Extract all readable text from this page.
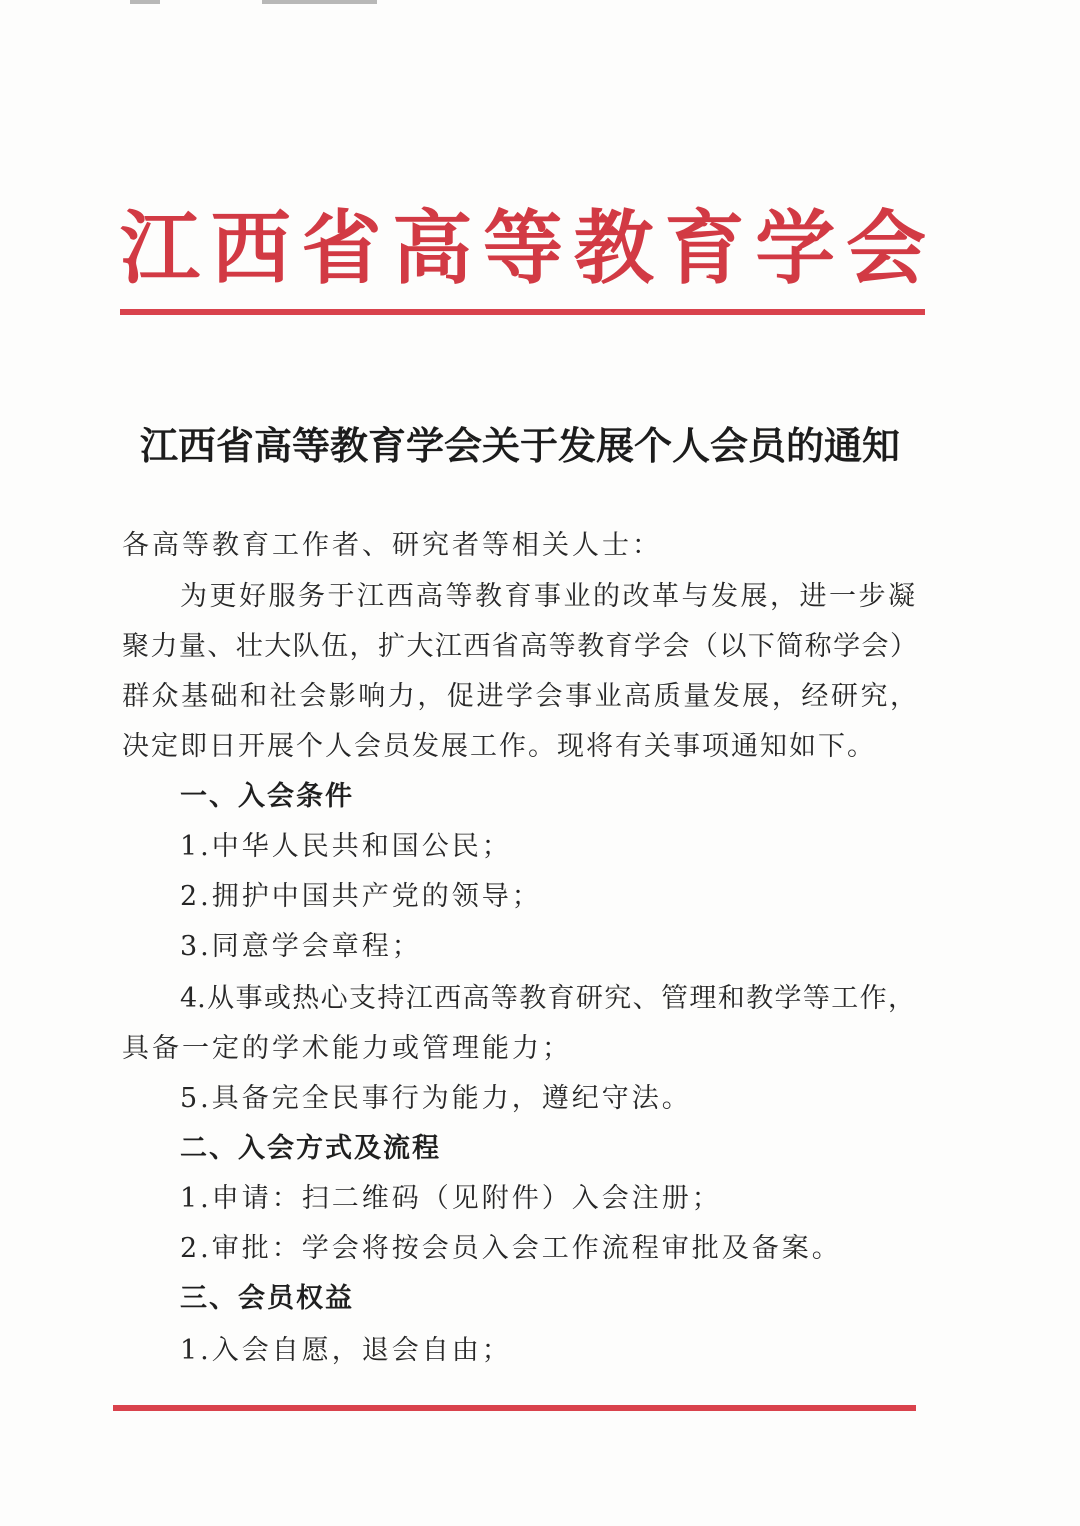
江西省高等教育学会
江西省高等教育学会关于发展个人会员的通知

各高等教育工作者、研究者等相关人士：

为更好服务于江西高等教育事业的改革与发展，进一步凝

聚力量、壮大队伍，扩大江西省高等教育学会（以下简称学会）

群众基础和社会影响力，促进学会事业高质量发展，经研究，

决定即日开展个人会员发展工作。现将有关事项通知如下。

一、入会条件

1.中华人民共和国公民；

2.拥护中国共产党的领导；

3.同意学会章程；

4.从事或热心支持江西高等教育研究、管理和教学等工作，

具备一定的学术能力或管理能力；

5.具备完全民事行为能力，遵纪守法。

二、入会方式及流程

1.申请：扫二维码（见附件）入会注册；

2.审批：学会将按会员入会工作流程审批及备案。

三、会员权益

1.入会自愿，退会自由；
